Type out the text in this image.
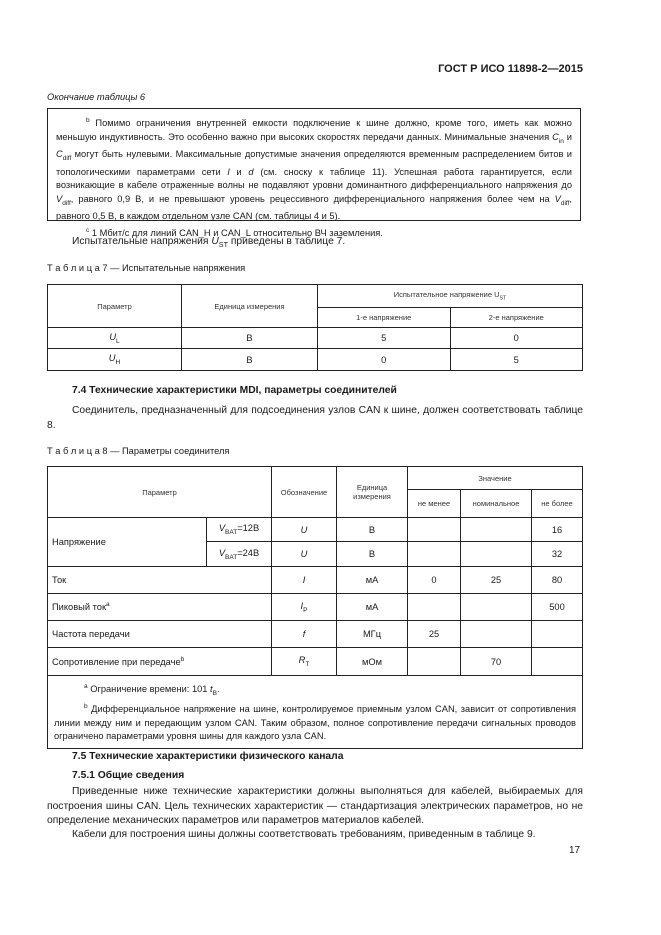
ГОСТ Р ИСО 11898-2—2015
Окончание таблицы 6

$^b$ Помимо ограничения внутренней емкости подключение к шине должно, кроме того, иметь как можно меньшую индуктивность. Это особенно важно при высоких скоростях передачи данных. Минимальные значения $C_{in}$ и $C_{diff}$ могут быть нулевыми. Максимальные допустимые значения определяются временным распределением битов и топологическими параметрами сети l и d (см. сноску к таблице 11). Успешная работа гарантируется, если возникающие в кабеле отраженные волны не подавляют уровни доминантного дифференциального напряжения до $V_{diff}$, равного 0,9 В, и не превышают уровень рецессивного дифференциального напряжения более чем на $V_{diff}$, равного 0,5 В, в каждом отдельном узле CAN (см. таблицы 4 и 5).

$^c$ 1 Мбит/с для линий CAN_H и CAN_L относительно ВЧ заземления.

Испытательные напряжения $U_{ST}$ приведены в таблице 7.
Т а б л и ц а 7 — Испытательные напряжения
Параметр	Единица измерения	Испытательное напряжение $U_{ST}$
		1-е напряжение	2-е напряжение
$U_L$	В	5	0
$U_H$	В	0	5
7.4 Технические характеристики MDI, параметры соединителей
Соединитель, предназначенный для подсоединения узлов CAN к шине, должен соответствовать таблице 8.
Т а б л и ц а 8 — Параметры соединителя
Параметр		Обозначение	Единица измерения	Значение		
				не менее	номинальное	не более
Напряжение	$V_{BAT}=12В$	U	В			16
	$V_{BAT}=24В$	U	В			32
Ток		I	мА	0	25	80
Пиковый ток$^a$		$I_P$	мА			500
Частота передачи		f	МГц	25		
Сопротивление при передаче$^b$		$R_T$	мОм		70	

$^a$ Ограничение времени: 101 $t_B$.

$^b$ Дифференциальное напряжение на шине, контролируемое приемным узлом CAN, зависит от сопротивления линии между ним и передающим узлом CAN. Таким образом, полное сопротивление передачи сигнальных проводов ограничено параметрами уровня шины для каждого узла CAN.						

7.5 Технические характеристики физического канала
7.5.1 Общие сведения
Приведенные ниже технические характеристики должны выполняться для кабелей, выбираемых для построения шины CAN. Цель технических характеристик — стандартизация электрических параметров, но не определение механических параметров или параметров материалов кабелей.
Кабели для построения шины должны соответствовать требованиям, приведенным в таблице 9.
17
